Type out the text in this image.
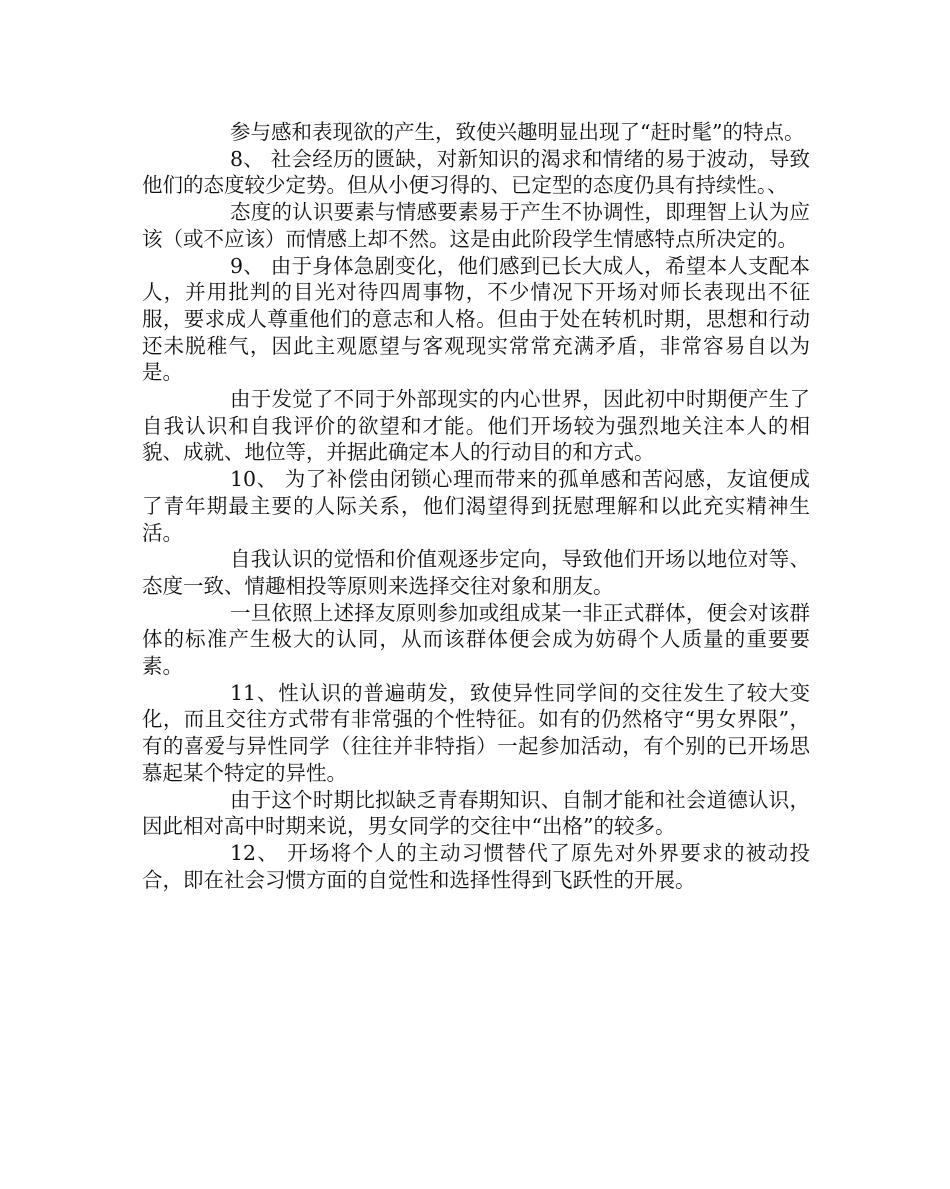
参与感和表现欲的产生，致使兴趣明显出现了“赶时髦”的特点。

8、 社会经历的匮缺，对新知识的渴求和情绪的易于波动，导致他们的态度较少定势。但从小便习得的、已定型的态度仍具有持续性。、

态度的认识要素与情感要素易于产生不协调性，即理智上认为应该（或不应该）而情感上却不然。这是由此阶段学生情感特点所决定的。

9、 由于身体急剧变化，他们感到已长大成人，希望本人支配本人，并用批判的目光对待四周事物，不少情况下开场对师长表现出不征服，要求成人尊重他们的意志和人格。但由于处在转机时期，思想和行动还未脱稚气，因此主观愿望与客观现实常常充满矛盾，非常容易自以为是。

由于发觉了不同于外部现实的内心世界，因此初中时期便产生了自我认识和自我评价的欲望和才能。他们开场较为强烈地关注本人的相貌、成就、地位等，并据此确定本人的行动目的和方式。

10、 为了补偿由闭锁心理而带来的孤单感和苦闷感，友谊便成了青年期最主要的人际关系，他们渴望得到抚慰理解和以此充实精神生活。

自我认识的觉悟和价值观逐步定向，导致他们开场以地位对等、态度一致、情趣相投等原则来选择交往对象和朋友。

一旦依照上述择友原则参加或组成某一非正式群体，便会对该群体的标准产生极大的认同，从而该群体便会成为妨碍个人质量的重要要素。

11、性认识的普遍萌发，致使异性同学间的交往发生了较大变化，而且交往方式带有非常强的个性特征。如有的仍然格守“男女界限”，有的喜爱与异性同学（往往并非特指）一起参加活动，有个别的已开场思慕起某个特定的异性。

由于这个时期比拟缺乏青春期知识、自制才能和社会道德认识，因此相对高中时期来说，男女同学的交往中“出格”的较多。

12、 开场将个人的主动习惯替代了原先对外界要求的被动投合，即在社会习惯方面的自觉性和选择性得到飞跃性的开展。
